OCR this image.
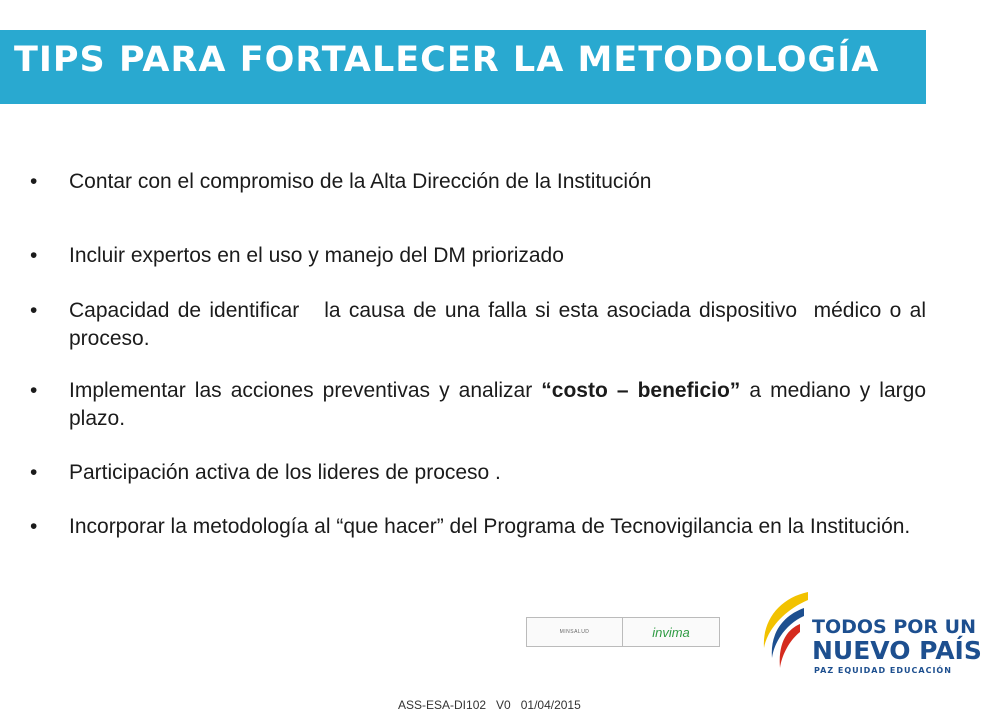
TIPS PARA FORTALECER LA METODOLOGÍA
• Contar con el compromiso de la Alta Dirección de la Institución
• Incluir expertos en el uso y manejo del DM priorizado
• Capacidad de identificar   la causa de una falla si esta asociada dispositivo  médico o al proceso.
• Implementar las acciones preventivas y analizar “costo – beneficio” a mediano y largo plazo.
• Participación activa de los lideres de proceso .
• Incorporar la metodología al “que hacer” del Programa de Tecnovigilancia en la Institución.
MINSALUD	invima	TODOS POR UN
NUEVO PAÍS
PAZ EQUIDAD EDUCACIÓN
ASS-ESA-DI102   V0   01/04/2015
